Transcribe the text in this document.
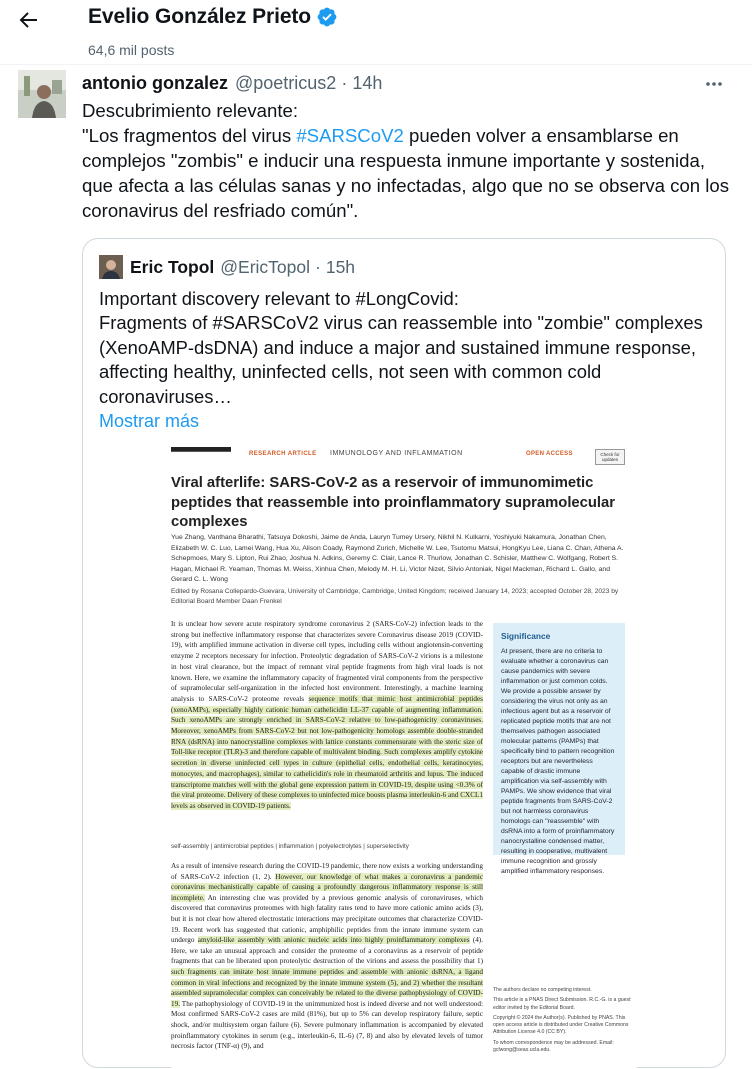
Evelio González Prieto
64,6 mil posts
antonio gonzalez @poetricus2 · 14h

Descubrimiento relevante:

"Los fragmentos del virus #SARSCoV2 pueden volver a ensamblarse en complejos "zombis" e inducir una respuesta inmune importante y sostenida, que afecta a las células sanas y no infectadas, algo que no se observa con los coronavirus del resfriado común".

Eric Topol @EricTopol · 15h

Important discovery relevant to #LongCovid:

Fragments of #SARSCoV2 virus can reassemble into "zombie" complexes (XenoAMP-dsDNA) and induce a major and sustained immune response, affecting healthy, uninfected cells, not seen with common cold coronaviruses…

Mostrar más
RESEARCH ARTICLE IMMUNOLOGY AND INFLAMMATION	OPEN ACCESS	Check for updates
Viral afterlife: SARS-CoV-2 as a reservoir of immunomimetic peptides that reassemble into proinflammatory supramolecular complexes
Yue Zhang, Vanthana Bharathi, Tatsuya Dokoshi, Jaime de Anda, Lauryn Tumey Ursery, Nikhil N. Kulkarni, Yoshiyuki Nakamura, Jonathan Chen, Elizabeth W. C. Luo, Lamei Wang, Hua Xu, Alison Coady, Raymond Zurich, Michelle W. Lee, Tsutomu Matsui, HongKyu Lee, Liana C. Chan, Athena A. Schepmoes, Mary S. Lipton, Rui Zhao, Joshua N. Adkins, Geremy C. Clair, Lance R. Thurlow, Jonathan C. Schisler, Matthew C. Wolfgang, Robert S. Hagan, Michael R. Yeaman, Thomas M. Weiss, Xinhua Chen, Melody M. H. Li, Victor Nizet, Silvio Antoniak, Nigel Mackman, Richard L. Gallo, and Gerard C. L. Wong
Edited by Rosana Collepardo-Guevara, University of Cambridge, Cambridge, United Kingdom; received January 14, 2023; accepted October 28, 2023 by Editorial Board Member Daan Frenkel
It is unclear how severe acute respiratory syndrome coronavirus 2 (SARS-CoV-2) infection leads to the strong but ineffective inflammatory response that characterizes severe Coronavirus disease 2019 (COVID-19), with amplified immune activation in diverse cell types, including cells without angiotensin-converting enzyme 2 receptors necessary for infection. Proteolytic degradation of SARS-CoV-2 virions is a milestone in host viral clearance, but the impact of remnant viral peptide fragments from high viral loads is not known. Here, we examine the inflammatory capacity of fragmented viral components from the perspective of supramolecular self-organization in the infected host environment. Interestingly, a machine learning analysis to SARS-CoV-2 proteome reveals sequence motifs that mimic host antimicrobial peptides (xenoAMPs), especially highly cationic human cathelicidin LL-37 capable of augmenting inflammation. Such xenoAMPs are strongly enriched in SARS-CoV-2 relative to low-pathogenicity coronaviruses. Moreover, xenoAMPs from SARS-CoV-2 but not low-pathogenicity homologs assemble double-stranded RNA (dsRNA) into nanocrystalline complexes with lattice constants commensurate with the steric size of Toll-like receptor (TLR)-3 and therefore capable of multivalent binding. Such complexes amplify cytokine secretion in diverse uninfected cell types in culture (epithelial cells, endothelial cells, keratinocytes, monocytes, and macrophages), similar to cathelicidin's role in rheumatoid arthritis and lupus. The induced transcriptome matches well with the global gene expression pattern in COVID-19, despite using <0.3% of the viral proteome. Delivery of these complexes to uninfected mice boosts plasma interleukin-6 and CXCL1 levels as observed in COVID-19 patients.
self-assembly | antimicrobial peptides | inflammation | polyelectrolytes | superselectivity
As a result of intensive research during the COVID-19 pandemic, there now exists a working understanding of SARS-CoV-2 infection (1, 2). However, our knowledge of what makes a coronavirus a pandemic coronavirus mechanistically capable of causing a profoundly dangerous inflammatory response is still incomplete. An interesting clue was provided by a previous genomic analysis of coronaviruses, which discovered that coronavirus proteomes with high fatality rates tend to have more cationic amino acids (3), but it is not clear how altered electrostatic interactions may precipitate outcomes that characterize COVID-19. Recent work has suggested that cationic, amphiphilic peptides from the innate immune system can undergo amyloid-like assembly with anionic nucleic acids into highly proinflammatory complexes (4). Here, we take an unusual approach and consider the proteome of a coronavirus as a reservoir of peptide fragments that can be liberated upon proteolytic destruction of the virions and assess the possibility that 1) such fragments can imitate host innate immune peptides and assemble with anionic dsRNA, a ligand common in viral infections and recognized by the innate immune system (5), and 2) whether the resultant assembled supramolecular complex can conceivably be related to the diverse pathophysiology of COVID-19. The pathophysiology of COVID-19 in the unimmunized host is indeed diverse and not well understood: Most confirmed SARS-CoV-2 cases are mild (81%), but up to 5% can develop respiratory failure, septic shock, and/or multisystem organ failure (6). Severe pulmonary inflammation is accompanied by elevated proinflammatory cytokines in serum (e.g., interleukin-6, IL-6) (7, 8) and also by elevated levels of tumor necrosis factor (TNF-α) (9), and
Significance
At present, there are no criteria to evaluate whether a coronavirus can cause pandemics with severe inflammation or just common colds. We provide a possible answer by considering the virus not only as an infectious agent but as a reservoir of replicated peptide motifs that are not themselves pathogen associated molecular patterns (PAMPs) that specifically bind to pattern recognition receptors but are nevertheless capable of drastic immune amplification via self-assembly with PAMPs. We show evidence that viral peptide fragments from SARS-CoV-2 but not harmless coronavirus homologs can "reassemble" with dsRNA into a form of proinflammatory nanocrystalline condensed matter, resulting in cooperative, multivalent immune recognition and grossly amplified inflammatory responses.

The authors declare no competing interest.

This article is a PNAS Direct Submission. R.C.-G. is a guest editor invited by the Editorial Board.

Copyright © 2024 the Author(s). Published by PNAS. This open access article is distributed under Creative Commons Attribution License 4.0 (CC BY).

To whom correspondence may be addressed. Email: gclwong@seas.ucla.edu.
